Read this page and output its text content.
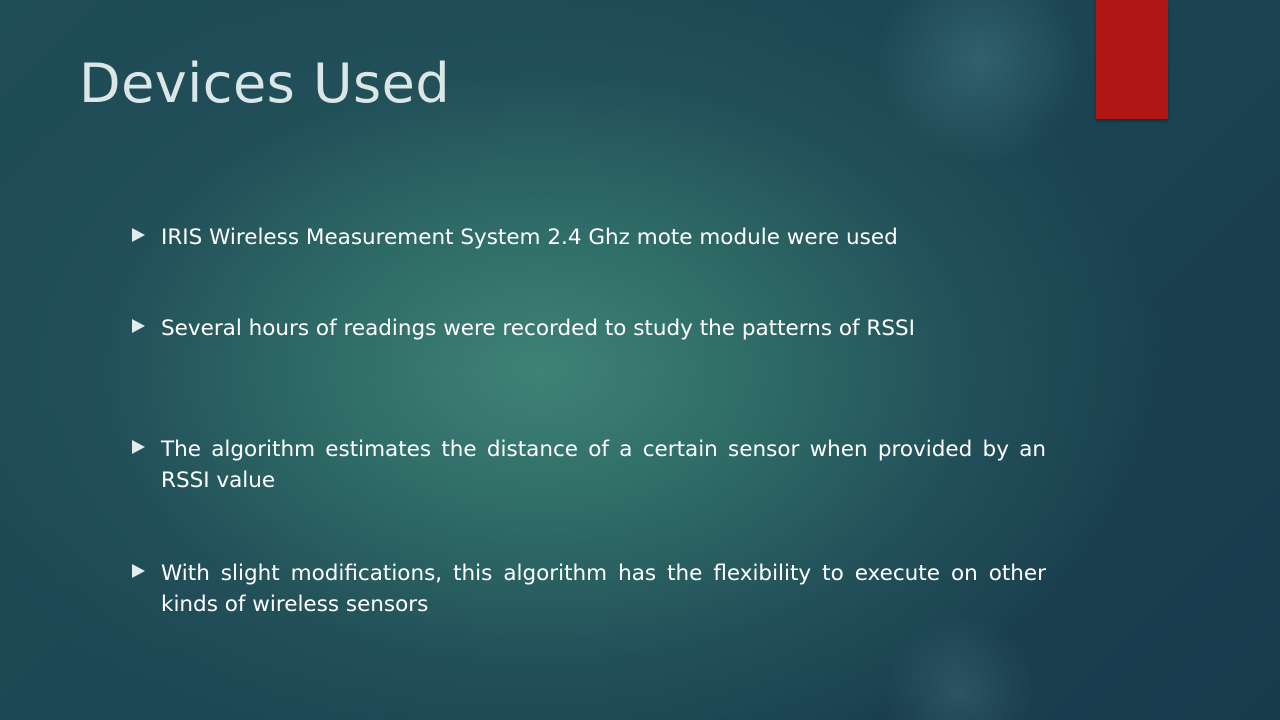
Devices Used
IRIS Wireless Measurement System 2.4 Ghz mote module were used
Several hours of readings were recorded to study the patterns of RSSI
The algorithm estimates the distance of a certain sensor when provided by an RSSI value
With slight modifications, this algorithm has the flexibility to execute on other kinds of wireless sensors
